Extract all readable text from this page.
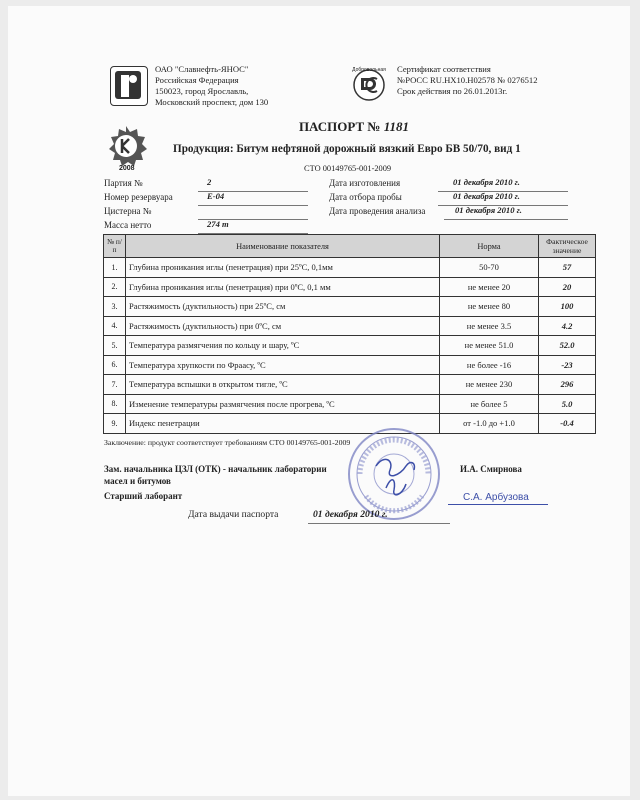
ОАО "Славнефть-ЯНОС"
Российская Федерация
150023, город Ярославль,
Московский проспект, дом 130
Добровольная Сертификат соответствия
№РОСС RU.HX10.H02578 № 0276512
Срок действия по 26.01.2013г.
2008
ПАСПОРТ № 1181
Продукция: Битум нефтяной дорожный вязкий Евро БВ 50/70, вид 1
СТО 00149765-001-2009
Партия №	2
Номер резервуара	E-04
Цистерна №
Масса нетто	274 т
Дата изготовления	01 декабря 2010 г.
Дата отбора пробы	01 декабря 2010 г.
Дата проведения анализа	01 декабря 2010 г.
№ п/п	Наименование показателя	Норма	Фактическое значение
1.	Глубина проникания иглы (пенетрация) при 25ºС, 0,1мм	50-70	57
2.	Глубина проникания иглы (пенетрация) при 0ºС, 0,1 мм	не менее 20	20
3.	Растяжимость (дуктильность) при 25ºС, см	не менее 80	100
4.	Растяжимость (дуктильность) при 0ºС, см	не менее 3.5	4.2
5.	Температура размягчения по кольцу и шару, ºС	не менее 51.0	52.0
6.	Температура хрупкости по Фраасу, ºС	не более -16	-23
7.	Температура вспышки в открытом тигле, ºС	не менее 230	296
8.	Изменение температуры размягчения после прогрева, ºС	не более 5	5.0
9.	Индекс пенетрации	от -1.0 до +1.0	-0.4
Заключение: продукт соответствует требованиям СТО 00149765-001-2009
Зам. начальника ЦЗЛ (ОТК) - начальник лаборатории
масел и битумов
И.А. Смирнова
Старший лаборант	С.А. Арбузова
Дата выдачи паспорта	01 декабря 2010 г.
